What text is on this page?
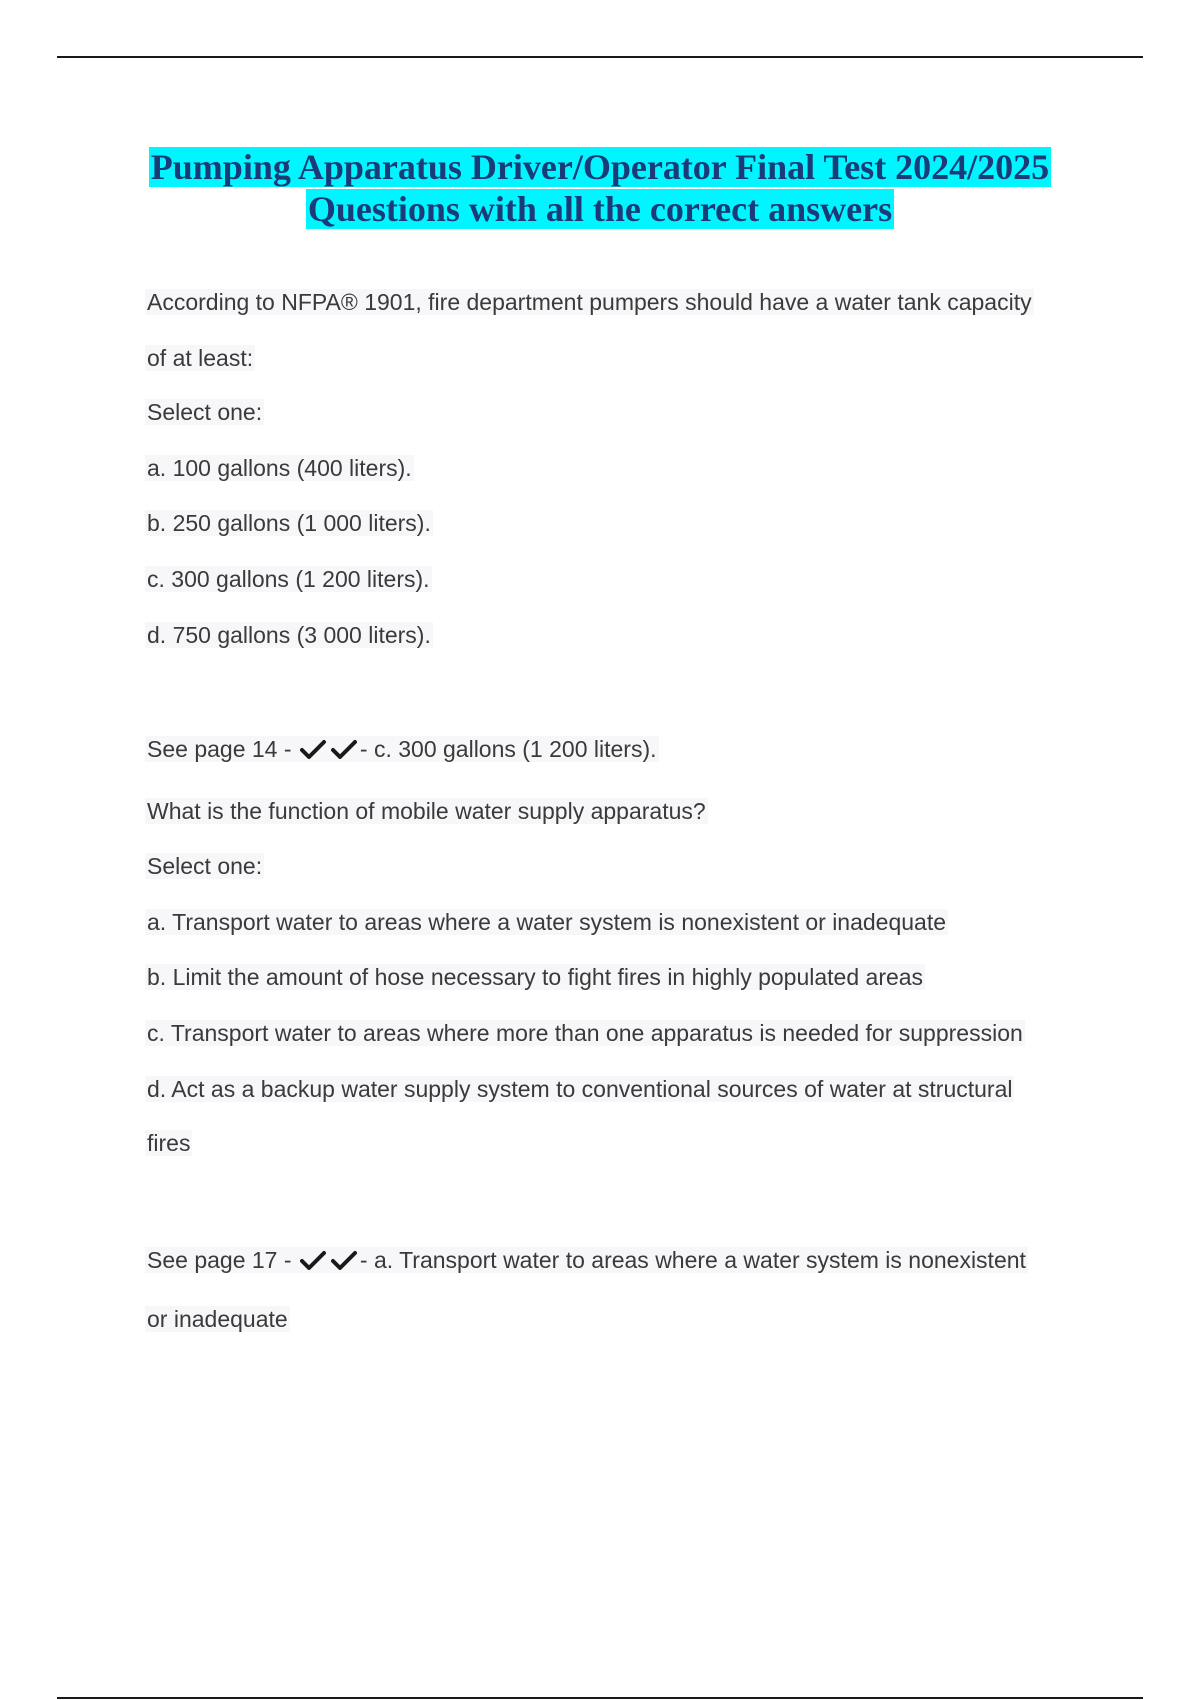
Pumping Apparatus Driver/Operator Final Test 2024/2025
Questions with all the correct answers
According to NFPA® 1901, fire department pumpers should have a water tank capacity
of at least:
Select one:
a. 100 gallons (400 liters).
b. 250 gallons (1 000 liters).
c. 300 gallons (1 200 liters).
d. 750 gallons (3 000 liters).
See page 14 -	- c. 300 gallons (1 200 liters).
What is the function of mobile water supply apparatus?
Select one:
a. Transport water to areas where a water system is nonexistent or inadequate
b. Limit the amount of hose necessary to fight fires in highly populated areas
c. Transport water to areas where more than one apparatus is needed for suppression
d. Act as a backup water supply system to conventional sources of water at structural
fires
See page 17 -	- a. Transport water to areas where a water system is nonexistent
or inadequate
